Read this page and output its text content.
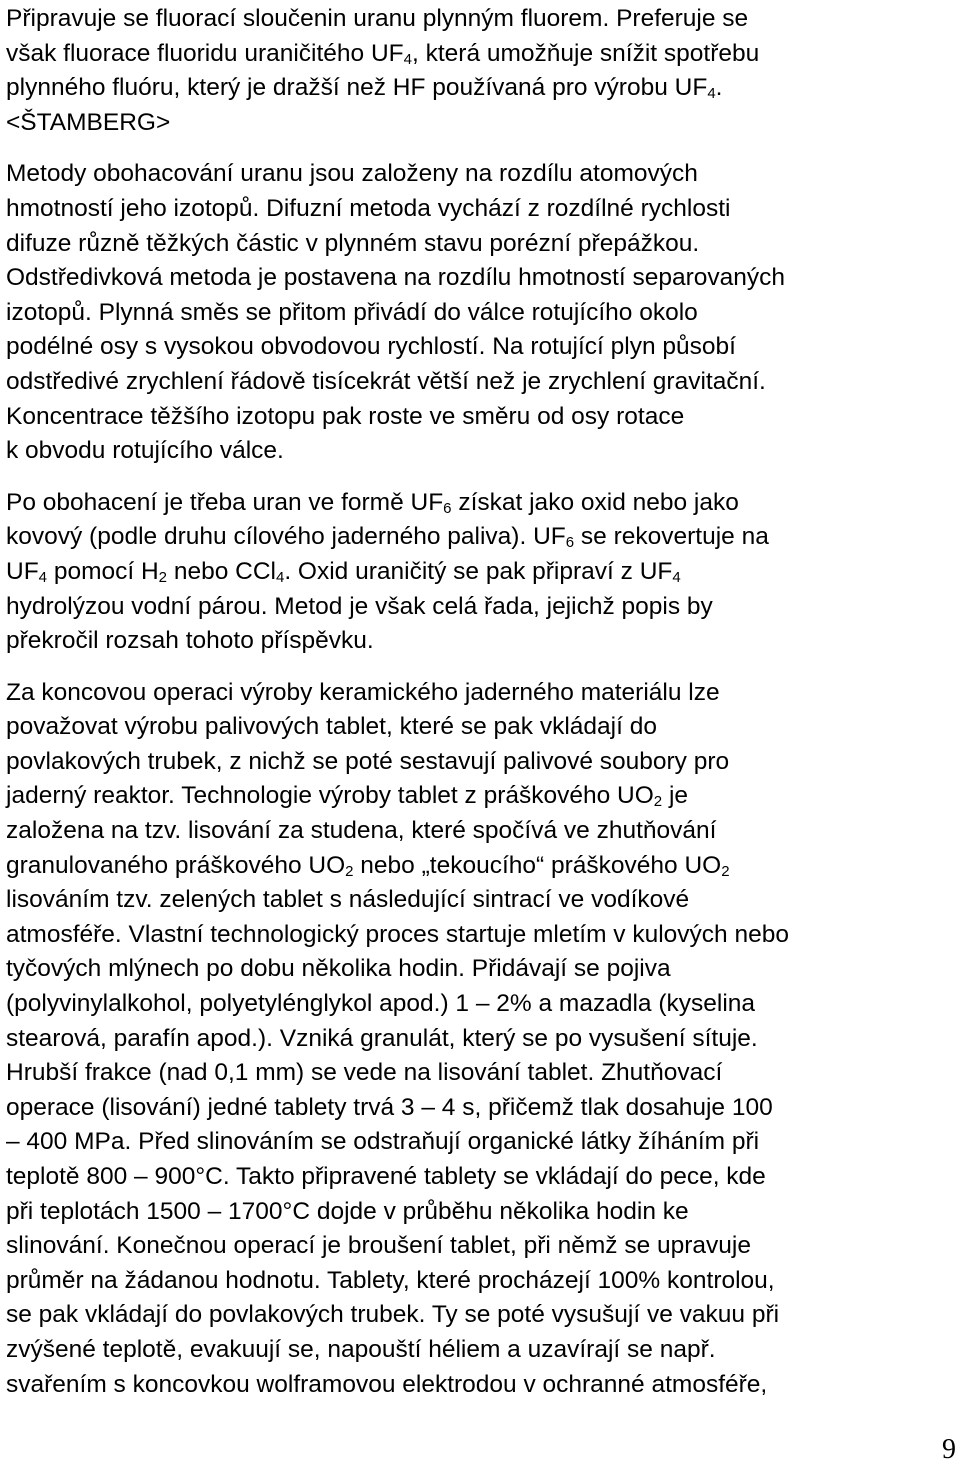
Připravuje se fluorací sloučenin uranu plynným fluorem. Preferuje se
však fluorace fluoridu uraničitého $UF_4$, která umožňuje snížit spotřebu
plynného fluóru, který je dražší než HF používaná pro výrobu $UF_4$.
<ŠTAMBERG>

Metody obohacování uranu jsou založeny na rozdílu atomových
hmotností jeho izotopů. Difuzní metoda vychází z rozdílné rychlosti
difuze různě těžkých částic v plynném stavu porézní přepážkou.
Odstředivková metoda je postavena na rozdílu hmotností separovaných
izotopů. Plynná směs se přitom přivádí do válce rotujícího okolo
podélné osy s vysokou obvodovou rychlostí. Na rotující plyn působí
odstředivé zrychlení řádově tisícekrát větší než je zrychlení gravitační.
Koncentrace těžšího izotopu pak roste ve směru od osy rotace
k obvodu rotujícího válce.

Po obohacení je třeba uran ve formě $UF_6$ získat jako oxid nebo jako
kovový (podle druhu cílového jaderného paliva). $UF_6$ se rekovertuje na
$UF_4$ pomocí $H_2$ nebo CCl$_4$. Oxid uraničitý se pak připraví z $UF_4$
hydrolýzou vodní párou. Metod je však celá řada, jejichž popis by
překročil rozsah tohoto příspěvku.

Za koncovou operaci výroby keramického jaderného materiálu lze
považovat výrobu palivových tablet, které se pak vkládají do
povlakových trubek, z nichž se poté sestavují palivové soubory pro
jaderný reaktor. Technologie výroby tablet z práškového $UO_2$ je
založena na tzv. lisování za studena, které spočívá ve zhutňování
granulovaného práškového $UO_2$ nebo „tekoucího“ práškového $UO_2$
lisováním tzv. zelených tablet s následující sintrací ve vodíkové
atmosféře. Vlastní technologický proces startuje mletím v kulových nebo
tyčových mlýnech po dobu několika hodin. Přidávají se pojiva
(polyvinylalkohol, polyetylénglykol apod.) 1 – 2% a mazadla (kyselina
stearová, parafín apod.). Vzniká granulát, který se po vysušení sítuje.
Hrubší frakce (nad 0,1 mm) se vede na lisování tablet. Zhutňovací
operace (lisování) jedné tablety trvá 3 – 4 s, přičemž tlak dosahuje 100
– 400 MPa. Před slinováním se odstraňují organické látky žíháním při
teplotě 800 – 900°C. Takto připravené tablety se vkládají do pece, kde
při teplotách 1500 – 1700°C dojde v průběhu několika hodin ke
slinování. Konečnou operací je broušení tablet, při němž se upravuje
průměr na žádanou hodnotu. Tablety, které procházejí 100% kontrolou,
se pak vkládají do povlakových trubek. Ty se poté vysušují ve vakuu při
zvýšené teplotě, evakuují se, napouští héliem a uzavírají se např.
svařením s koncovkou wolframovou elektrodou v ochranné atmosféře,

9
